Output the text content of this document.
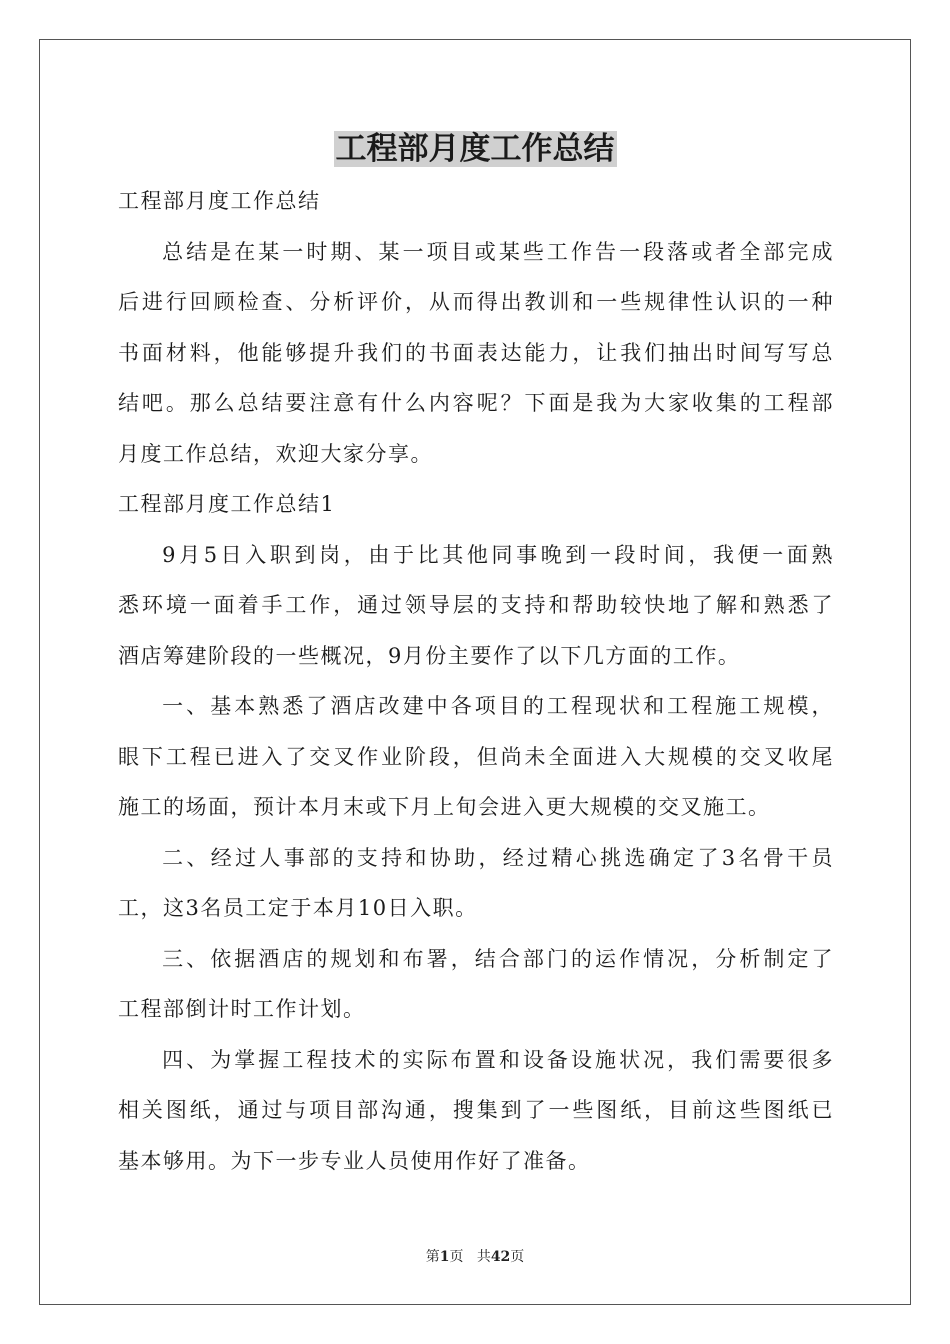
工程部月度工作总结
工程部月度工作总结
总结是在某一时期、某一项目或某些工作告一段落或者全部完成
后进行回顾检查、分析评价，从而得出教训和一些规律性认识的一种
书面材料，他能够提升我们的书面表达能力，让我们抽出时间写写总
结吧。那么总结要注意有什么内容呢？下面是我为大家收集的工程部
月度工作总结，欢迎大家分享。
工程部月度工作总结1
9月5日入职到岗，由于比其他同事晚到一段时间，我便一面熟
悉环境一面着手工作，通过领导层的支持和帮助较快地了解和熟悉了
酒店筹建阶段的一些概况，9月份主要作了以下几方面的工作。
一、基本熟悉了酒店改建中各项目的工程现状和工程施工规模，
眼下工程已进入了交叉作业阶段，但尚未全面进入大规模的交叉收尾
施工的场面，预计本月末或下月上旬会进入更大规模的交叉施工。
二、经过人事部的支持和协助，经过精心挑选确定了3名骨干员
工，这3名员工定于本月10日入职。
三、依据酒店的规划和布署，结合部门的运作情况，分析制定了
工程部倒计时工作计划。
四、为掌握工程技术的实际布置和设备设施状况，我们需要很多
相关图纸，通过与项目部沟通，搜集到了一些图纸，目前这些图纸已
基本够用。为下一步专业人员使用作好了准备。
第1页 共42页
